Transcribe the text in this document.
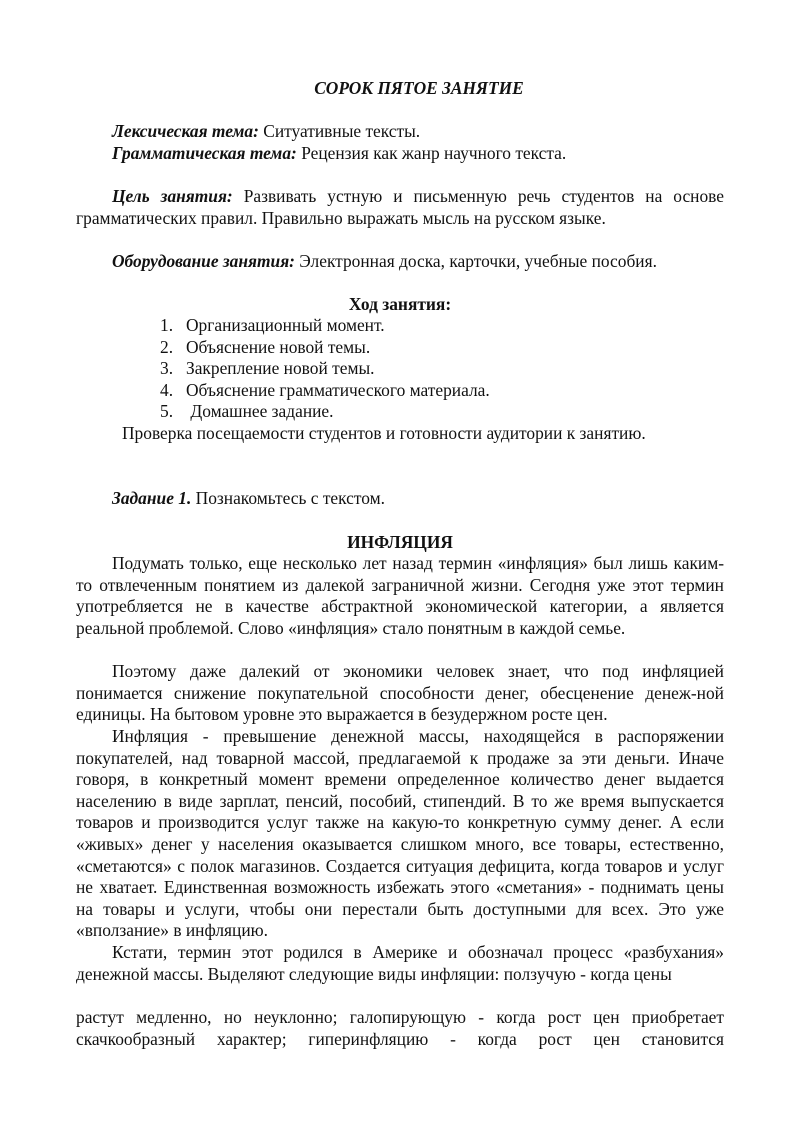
СОРОК ПЯТОЕ ЗАНЯТИЕ

Лексическая тема: Ситуативные тексты.

Грамматическая тема: Рецензия как жанр научного текста.

Цель занятия: Развивать устную и письменную речь студентов на основе грамматических правил. Правильно выражать мысль на русском языке.

Оборудование занятия: Электронная доска, карточки, учебные пособия.

Ход занятия:

1. Организационный момент.
2. Объяснение новой темы.
3. Закрепление новой темы.
4. Объяснение грамматического материала.
5. Домашнее задание.

Проверка посещаемости студентов и готовности аудитории к занятию.

Задание 1. Познакомьтесь с текстом.

ИНФЛЯЦИЯ

Подумать только, еще несколько лет назад термин «инфляция» был лишь каким-то отвлеченным понятием из далекой заграничной жизни. Сегодня уже этот термин употребляется не в качестве абстрактной экономической категории, а является реальной проблемой. Слово «инфляция» стало понятным в каждой семье.

Поэтому даже далекий от экономики человек знает, что под инфляцией понимается снижение покупательной способности денег, обесценение денеж-ной единицы. На бытовом уровне это выражается в безудержном росте цен.

Инфляция - превышение денежной массы, находящейся в распоряжении покупателей, над товарной массой, предлагаемой к продаже за эти деньги. Иначе говоря, в конкретный момент времени определенное количество денег выдается населению в виде зарплат, пенсий, пособий, стипендий. В то же время выпускается товаров и производится услуг также на какую-то конкретную сумму денег. А если «живых» денег у населения оказывается слишком много, все товары, естественно, «сметаются» с полок магазинов. Создается ситуация дефицита, когда товаров и услуг не хватает. Единственная возможность избежать этого «сметания» - поднимать цены на товары и услуги, чтобы они перестали быть доступными для всех. Это уже «вползание» в инфляцию.

Кстати, термин этот родился в Америке и обозначал процесс «разбухания» денежной массы. Выделяют следующие виды инфляции: ползучую - когда цены

растут медленно, но неуклонно; галопирующую - когда рост цен приобретает скачкообразный характер; гиперинфляцию - когда рост цен становится
